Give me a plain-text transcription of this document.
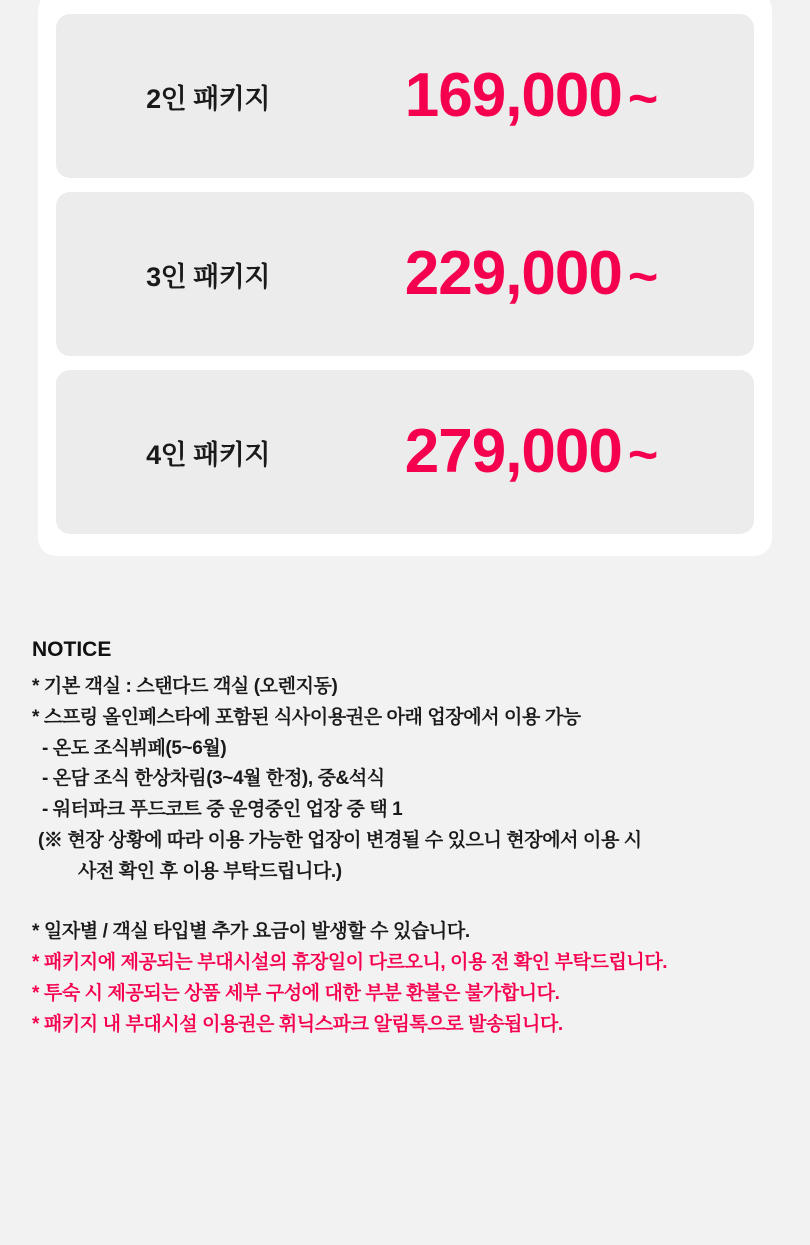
2인 패키지	169,000 ~
3인 패키지	229,000 ~
4인 패키지	279,000 ~
NOTICE
* 기본 객실 : 스탠다드 객실 (오렌지동)
* 스프링 올인페스타에 포함된 식사이용권은 아래 업장에서 이용 가능
- 온도 조식뷔페(5~6월)
- 온담 조식 한상차림(3~4월 한정), 중&석식
- 워터파크 푸드코트 중 운영중인 업장 중 택 1
(※ 현장 상황에 따라 이용 가능한 업장이 변경될 수 있으니 현장에서 이용 시
사전 확인 후 이용 부탁드립니다.)
* 일자별 / 객실 타입별 추가 요금이 발생할 수 있습니다.
* 패키지에 제공되는 부대시설의 휴장일이 다르오니, 이용 전 확인 부탁드립니다.
* 투숙 시 제공되는 상품 세부 구성에 대한 부분 환불은 불가합니다.
* 패키지 내 부대시설 이용권은 휘닉스파크 알림톡으로 발송됩니다.
